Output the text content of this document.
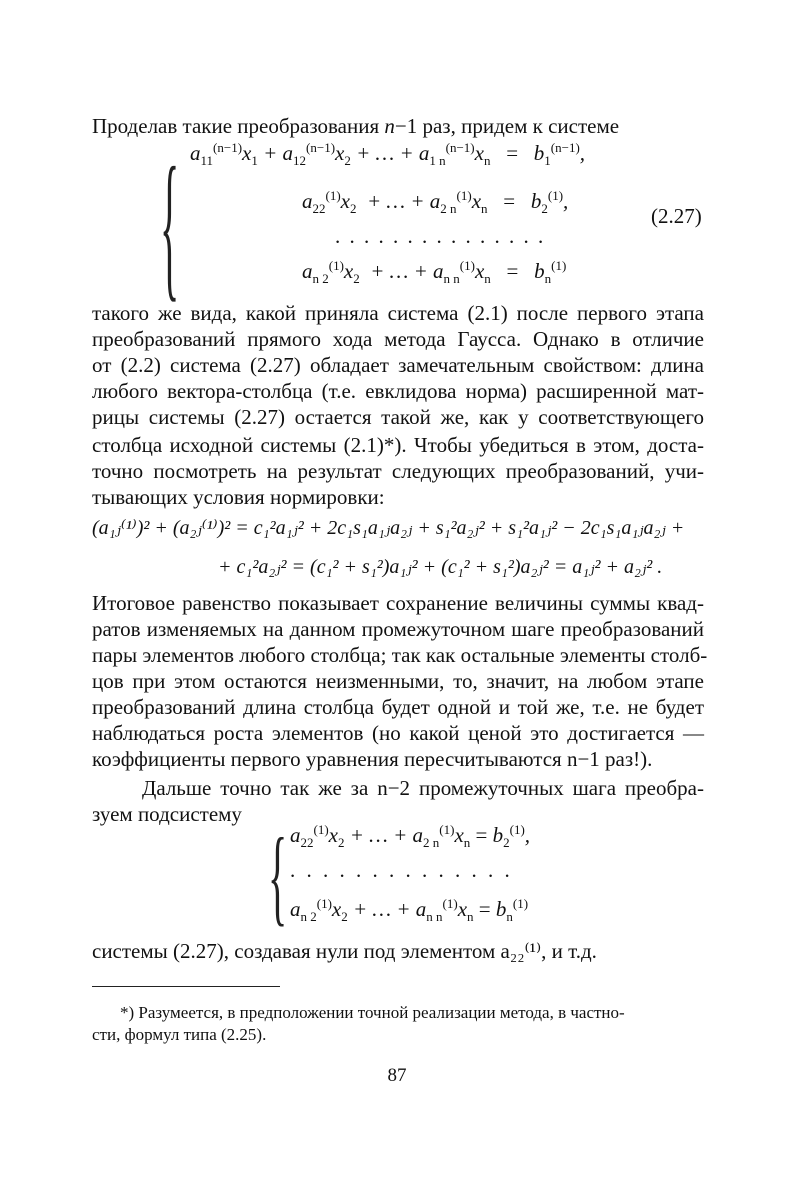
Проделав такие преобразования n−1 раз, придем к системе
{ $a_{11}^{(n-1)}x_1 + a_{12}^{(n-1)}x_2$ + … + $a_{1 n}^{(n-1)}x_n = b_1^{(n-1)}$,
$a_{22}^{(1)}x_2$  + … + $a_{2 n}^{(1)}x_n = b_2^{(1)}$,
. . . . . . . . . . . . . . .
$a_{n 2}^{(1)}x_2$  + … + $a_{n n}^{(1)}x_n = b_n^{(1)}$
(2.27)
такого же вида, какой приняла система (2.1) после первого этапа
преобразований прямого хода метода Гаусса. Однако в отличие
от (2.2) система (2.27) обладает замечательным свойством: длина
любого вектора-столбца (т.е. евклидова норма) расширенной мат-
рицы системы (2.27) остается такой же, как у соответствующего
столбца исходной системы (2.1)*). Чтобы убедиться в этом, доста-
точно посмотреть на результат следующих преобразований, учи-
тывающих условия нормировки:
(a₁ⱼ⁽¹⁾)² + (a₂ⱼ⁽¹⁾)² = c₁²a₁ⱼ² + 2c₁s₁a₁ⱼa₂ⱼ + s₁²a₂ⱼ² + s₁²a₁ⱼ² − 2c₁s₁a₁ⱼa₂ⱼ +
+ c₁²a₂ⱼ² = (c₁² + s₁²)a₁ⱼ² + (c₁² + s₁²)a₂ⱼ² = a₁ⱼ² + a₂ⱼ² .
Итоговое равенство показывает сохранение величины суммы квад-
ратов изменяемых на данном промежуточном шаге преобразований
пары элементов любого столбца; так как остальные элементы столб-
цов при этом остаются неизменными, то, значит, на любом этапе
преобразований длина столбца будет одной и той же, т.е. не будет
наблюдаться роста элементов (но какой ценой это достигается —
коэффициенты первого уравнения пересчитываются n−1 раз!).
Дальше точно так же за n−2 промежуточных шага преобра-
зуем подсистему
{ $a_{22}^{(1)}x_2$ + … + $a_{2 n}^{(1)}x_n = b_2^{(1)}$,
. . . . . . . . . . . . . .
$a_{n 2}^{(1)}x_2$ + … + $a_{n n}^{(1)}x_n = b_n^{(1)}$
системы (2.27), создавая нули под элементом a₂₂⁽¹⁾, и т.д.
*) Разумеется, в предположении точной реализации метода, в частно-
сти, формул типа (2.25).
87
